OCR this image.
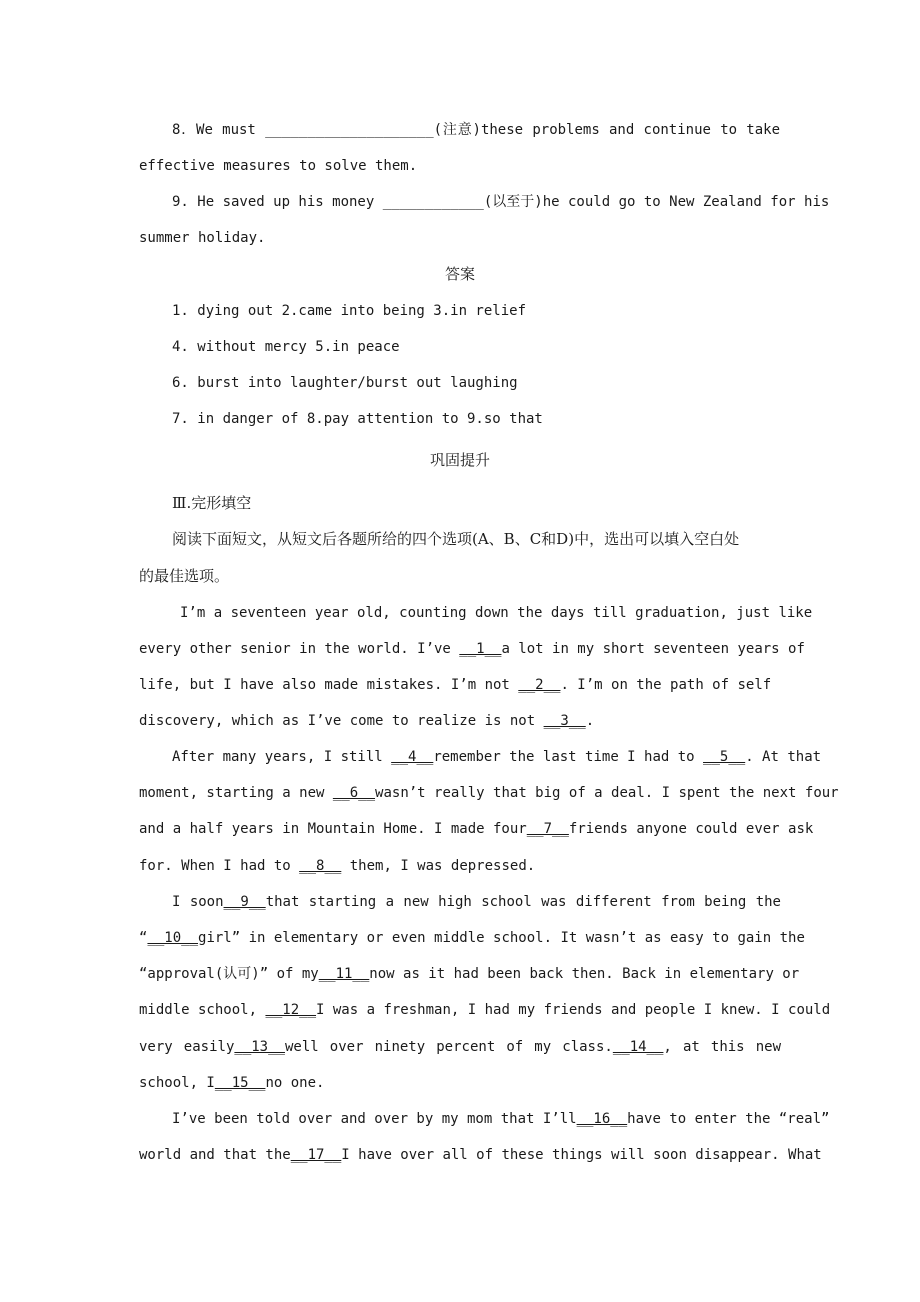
8．We must ____________________(注意)these problems and continue to take
effective measures to solve them.
9. He saved up his money ____________(以至于)he could go to New Zealand for his
summer holiday.
答案
1. dying out 2.came into being 3.in relief
4. without mercy 5.in peace
6. burst into laughter/burst out laughing
7. in danger of 8.pay attention to 9.so that
巩固提升
Ⅲ.完形填空
阅读下面短文，从短文后各题所给的四个选项(A、B、C和D)中，选出可以填入空白处
的最佳选项。
I’m a seventeen year old, counting down the days till graduation, just like
every other senior in the world. I’ve __1__a lot in my short seventeen years of
life, but I have also made mistakes. I’m not __2__. I’m on the path of self
discovery, which as I’ve come to realize is not __3__.
After many years, I still __4__remember the last time I had to __5__. At that
moment, starting a new __6__wasn’t really that big of a deal. I spent the next four
and a half years in Mountain Home. I made four__7__friends anyone could ever ask
for. When I had to __8__ them, I was depressed.
I soon__9__that starting a new high school was different from being the
“__10__girl” in elementary or even middle school. It wasn’t as easy to gain the
“approval(认可)” of my__11__now as it had been back then. Back in elementary or
middle school, __12__I was a freshman, I had my friends and people I knew. I could
very easily__13__well over ninety percent of my class.__14__, at this new
school, I__15__no one.
I’ve been told over and over by my mom that I’ll__16__have to enter the “real”
world and that the__17__I have over all of these things will soon disappear. What
